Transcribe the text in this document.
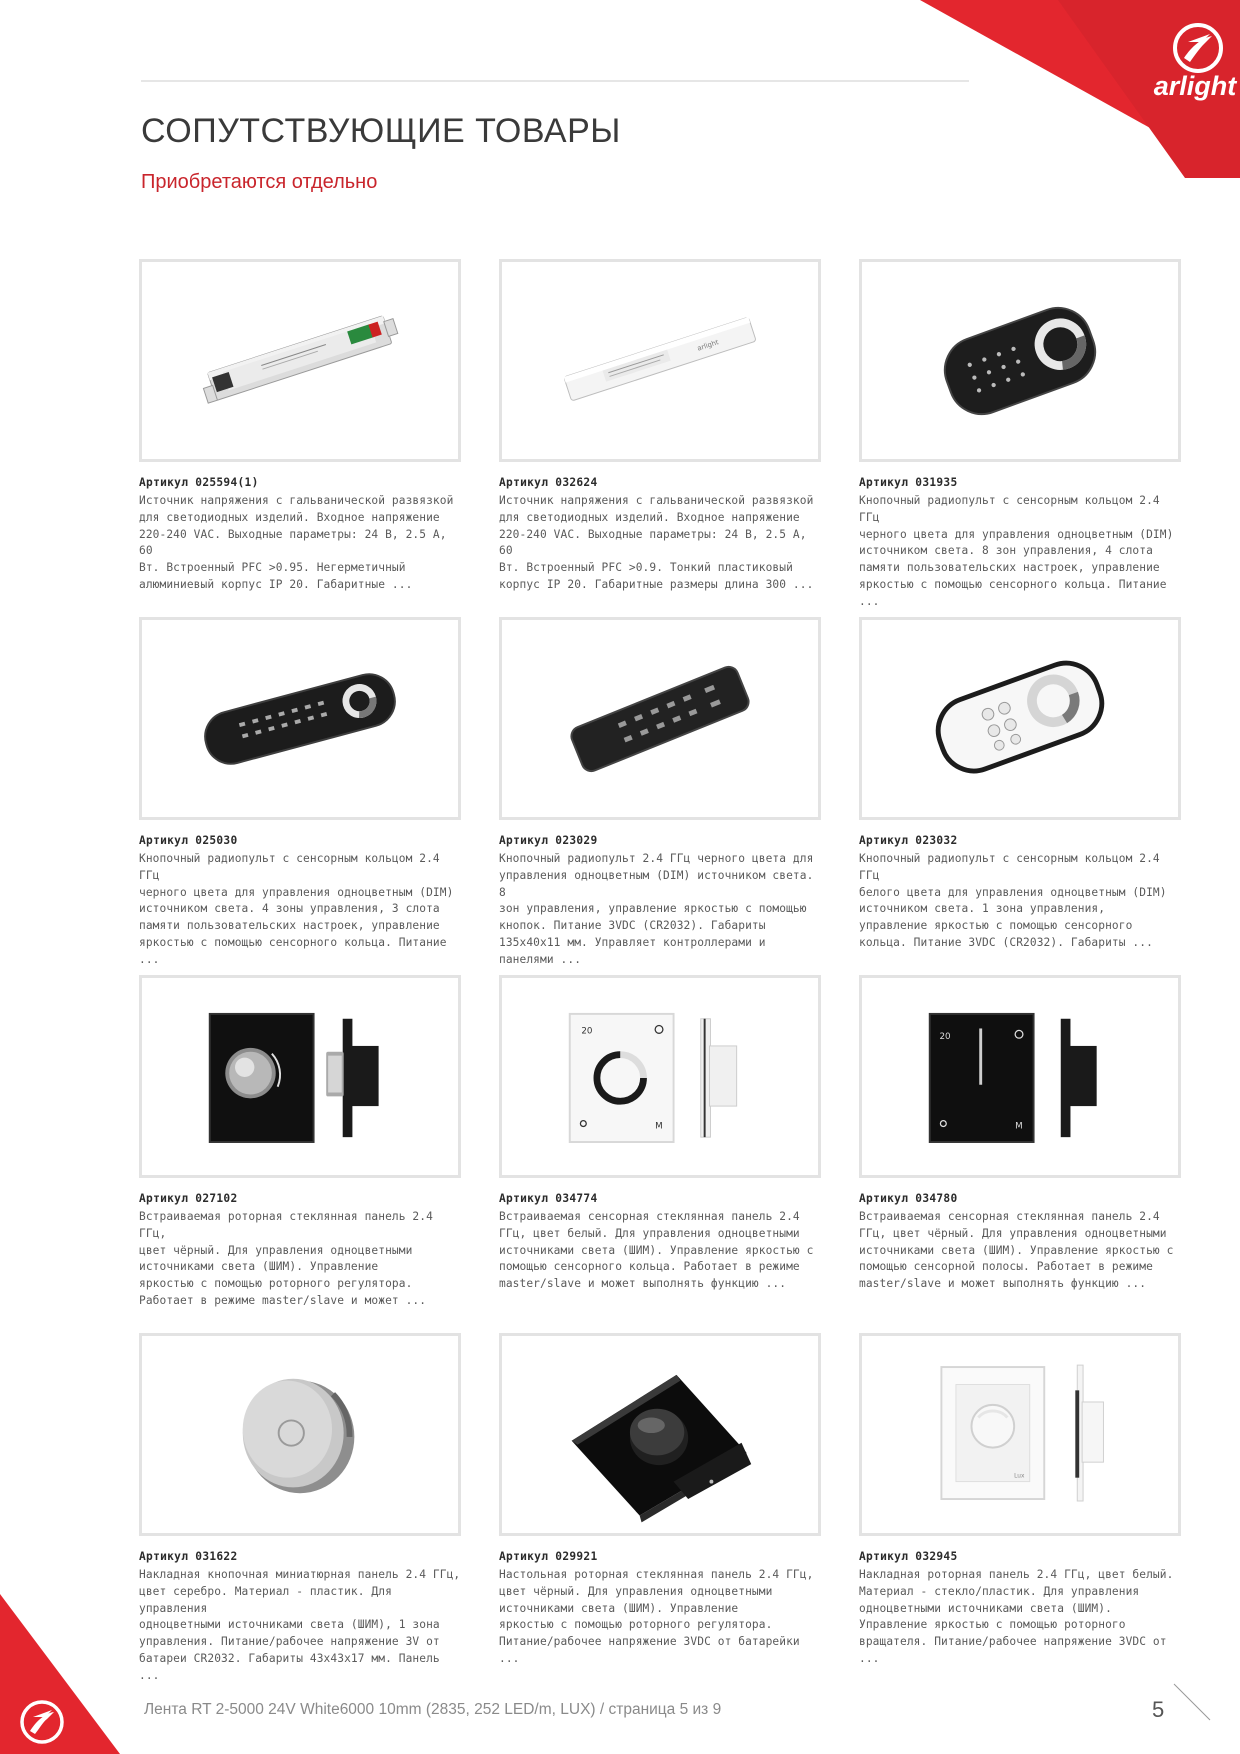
arlight
СОПУТСТВУЮЩИЕ ТОВАРЫ
Приобретаются отдельно
Артикул 025594(1)
Источник напряжения с гальванической развязкой
для светодиодных изделий. Входное напряжение
220-240 VAC. Выходные параметры: 24 В, 2.5 А, 60
Вт. Встроенный PFC >0.95. Негерметичный
алюминиевый корпус IP 20. Габаритные ...
arlight
Артикул 032624
Источник напряжения с гальванической развязкой
для светодиодных изделий. Входное напряжение
220-240 VAC. Выходные параметры: 24 В, 2.5 А, 60
Вт. Встроенный PFC >0.9. Тонкий пластиковый
корпус IP 20. Габаритные размеры длина 300 ...
Артикул 031935
Кнопочный радиопульт с сенсорным кольцом 2.4 ГГц
черного цвета для управления одноцветным (DIM)
источником света. 8 зон управления, 4 слота
памяти пользовательских настроек, управление
яркостью с помощью сенсорного кольца. Питание ...
Артикул 025030
Кнопочный радиопульт с сенсорным кольцом 2.4 ГГц
черного цвета для управления одноцветным (DIM)
источником света. 4 зоны управления, 3 слота
памяти пользовательских настроек, управление
яркостью с помощью сенсорного кольца. Питание ...
Артикул 023029
Кнопочный радиопульт 2.4 ГГц черного цвета для
управления одноцветным (DIM) источником света. 8
зон управления, управление яркостью с помощью
кнопок. Питание 3VDC (CR2032). Габариты
135x40x11 мм. Управляет контроллерами и панелями ...
Артикул 023032
Кнопочный радиопульт с сенсорным кольцом 2.4 ГГц
белого цвета для управления одноцветным (DIM)
источником света. 1 зона управления,
управление яркостью с помощью сенсорного
кольца. Питание 3VDC (CR2032). Габариты ...
Артикул 027102
Встраиваемая роторная стеклянная панель 2.4 ГГц,
цвет чёрный. Для управления одноцветными
источниками света (ШИМ). Управление
яркостью с помощью роторного регулятора.
Работает в режиме master/slave и может ...
20
M
Артикул 034774
Встраиваемая сенсорная стеклянная панель 2.4
ГГц, цвет белый. Для управления одноцветными
источниками света (ШИМ). Управление яркостью с
помощью сенсорного кольца. Работает в режиме
master/slave и может выполнять функцию ...
20
M
Артикул 034780
Встраиваемая сенсорная стеклянная панель 2.4
ГГц, цвет чёрный. Для управления одноцветными
источниками света (ШИМ). Управление яркостью с
помощью сенсорной полосы. Работает в режиме
master/slave и может выполнять функцию ...
Артикул 031622
Накладная кнопочная миниатюрная панель 2.4 ГГц,
цвет серебро. Материал - пластик. Для управления
одноцветными источниками света (ШИМ), 1 зона
управления. Питание/рабочее напряжение 3V от
батареи CR2032. Габариты 43x43x17 мм. Панель ...
Артикул 029921
Настольная роторная стеклянная панель 2.4 ГГц,
цвет чёрный. Для управления одноцветными
источниками света (ШИМ). Управление
яркостью с помощью роторного регулятора.
Питание/рабочее напряжение 3VDC от батарейки ...
Lux
Артикул 032945
Накладная роторная панель 2.4 ГГц, цвет белый.
Материал - стекло/пластик. Для управления
одноцветными источниками света (ШИМ).
Управление яркостью с помощью роторного
вращателя. Питание/рабочее напряжение 3VDC от ...
Лента RT 2-5000 24V White6000 10mm (2835, 252 LED/m, LUX) / страница 5 из 9	5
